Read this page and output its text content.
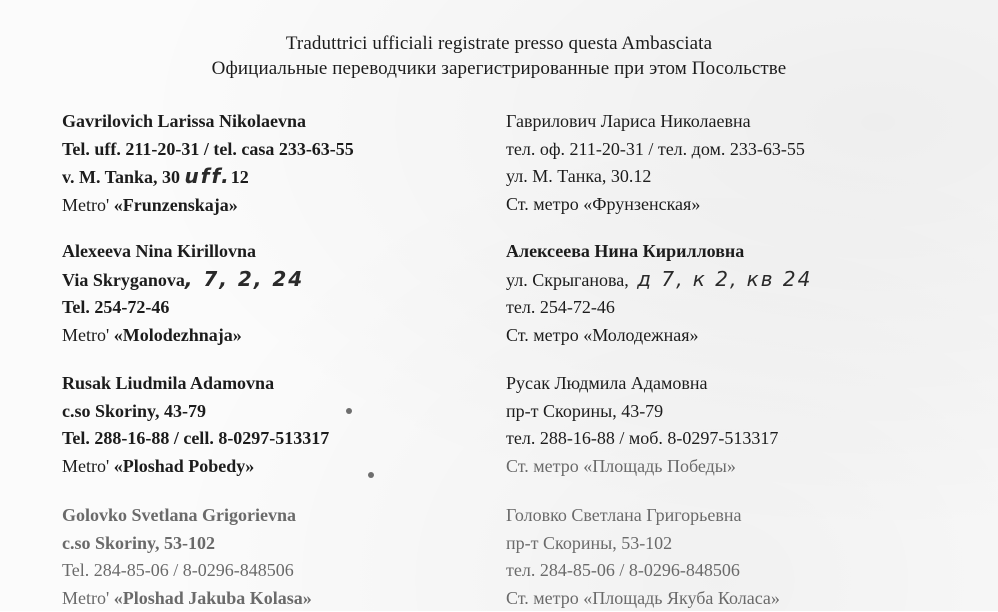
Traduttrici ufficiali registrate presso questa Ambasciata
Официальные переводчики зарегистрированные при этом Посольстве
Gavrilovich Larissa Nikolaevna
Tel. uff. 211-20-31 / tel. casa 233-63-55
v. M. Tanka, 30 uff.12
Metro' «Frunzenskaja»
Alexeeva Nina Kirillovna
Via Skryganova, 7, 2, 24
Tel. 254-72-46
Metro' «Molodezhnaja»
Rusak Liudmila Adamovna
c.so Skoriny, 43-79
Tel. 288-16-88 / cell. 8-0297-513317
Metro' «Ploshad Pobedy»
Golovko Svetlana Grigorievna
c.so Skoriny, 53-102
Tel. 284-85-06 / 8-0296-848506
Metro' «Ploshad Jakuba Kolasa»
Гаврилович Лариса Николаевна
тел. оф. 211-20-31 / тел. дом. 233-63-55
ул. М. Танка, 30.12
Ст. метро «Фрунзенская»
Алексеева Нина Кирилловна
ул. Скрыганова, д 7, к 2, кв 24
тел. 254-72-46
Ст. метро «Молодежная»
Русак Людмила Адамовна
пр-т Скорины, 43-79
тел. 288-16-88 / моб. 8-0297-513317
Ст. метро «Площадь Победы»
Головко Светлана Григорьевна
пр-т Скорины, 53-102
тел. 284-85-06 / 8-0296-848506
Ст. метро «Площадь Якуба Коласа»
